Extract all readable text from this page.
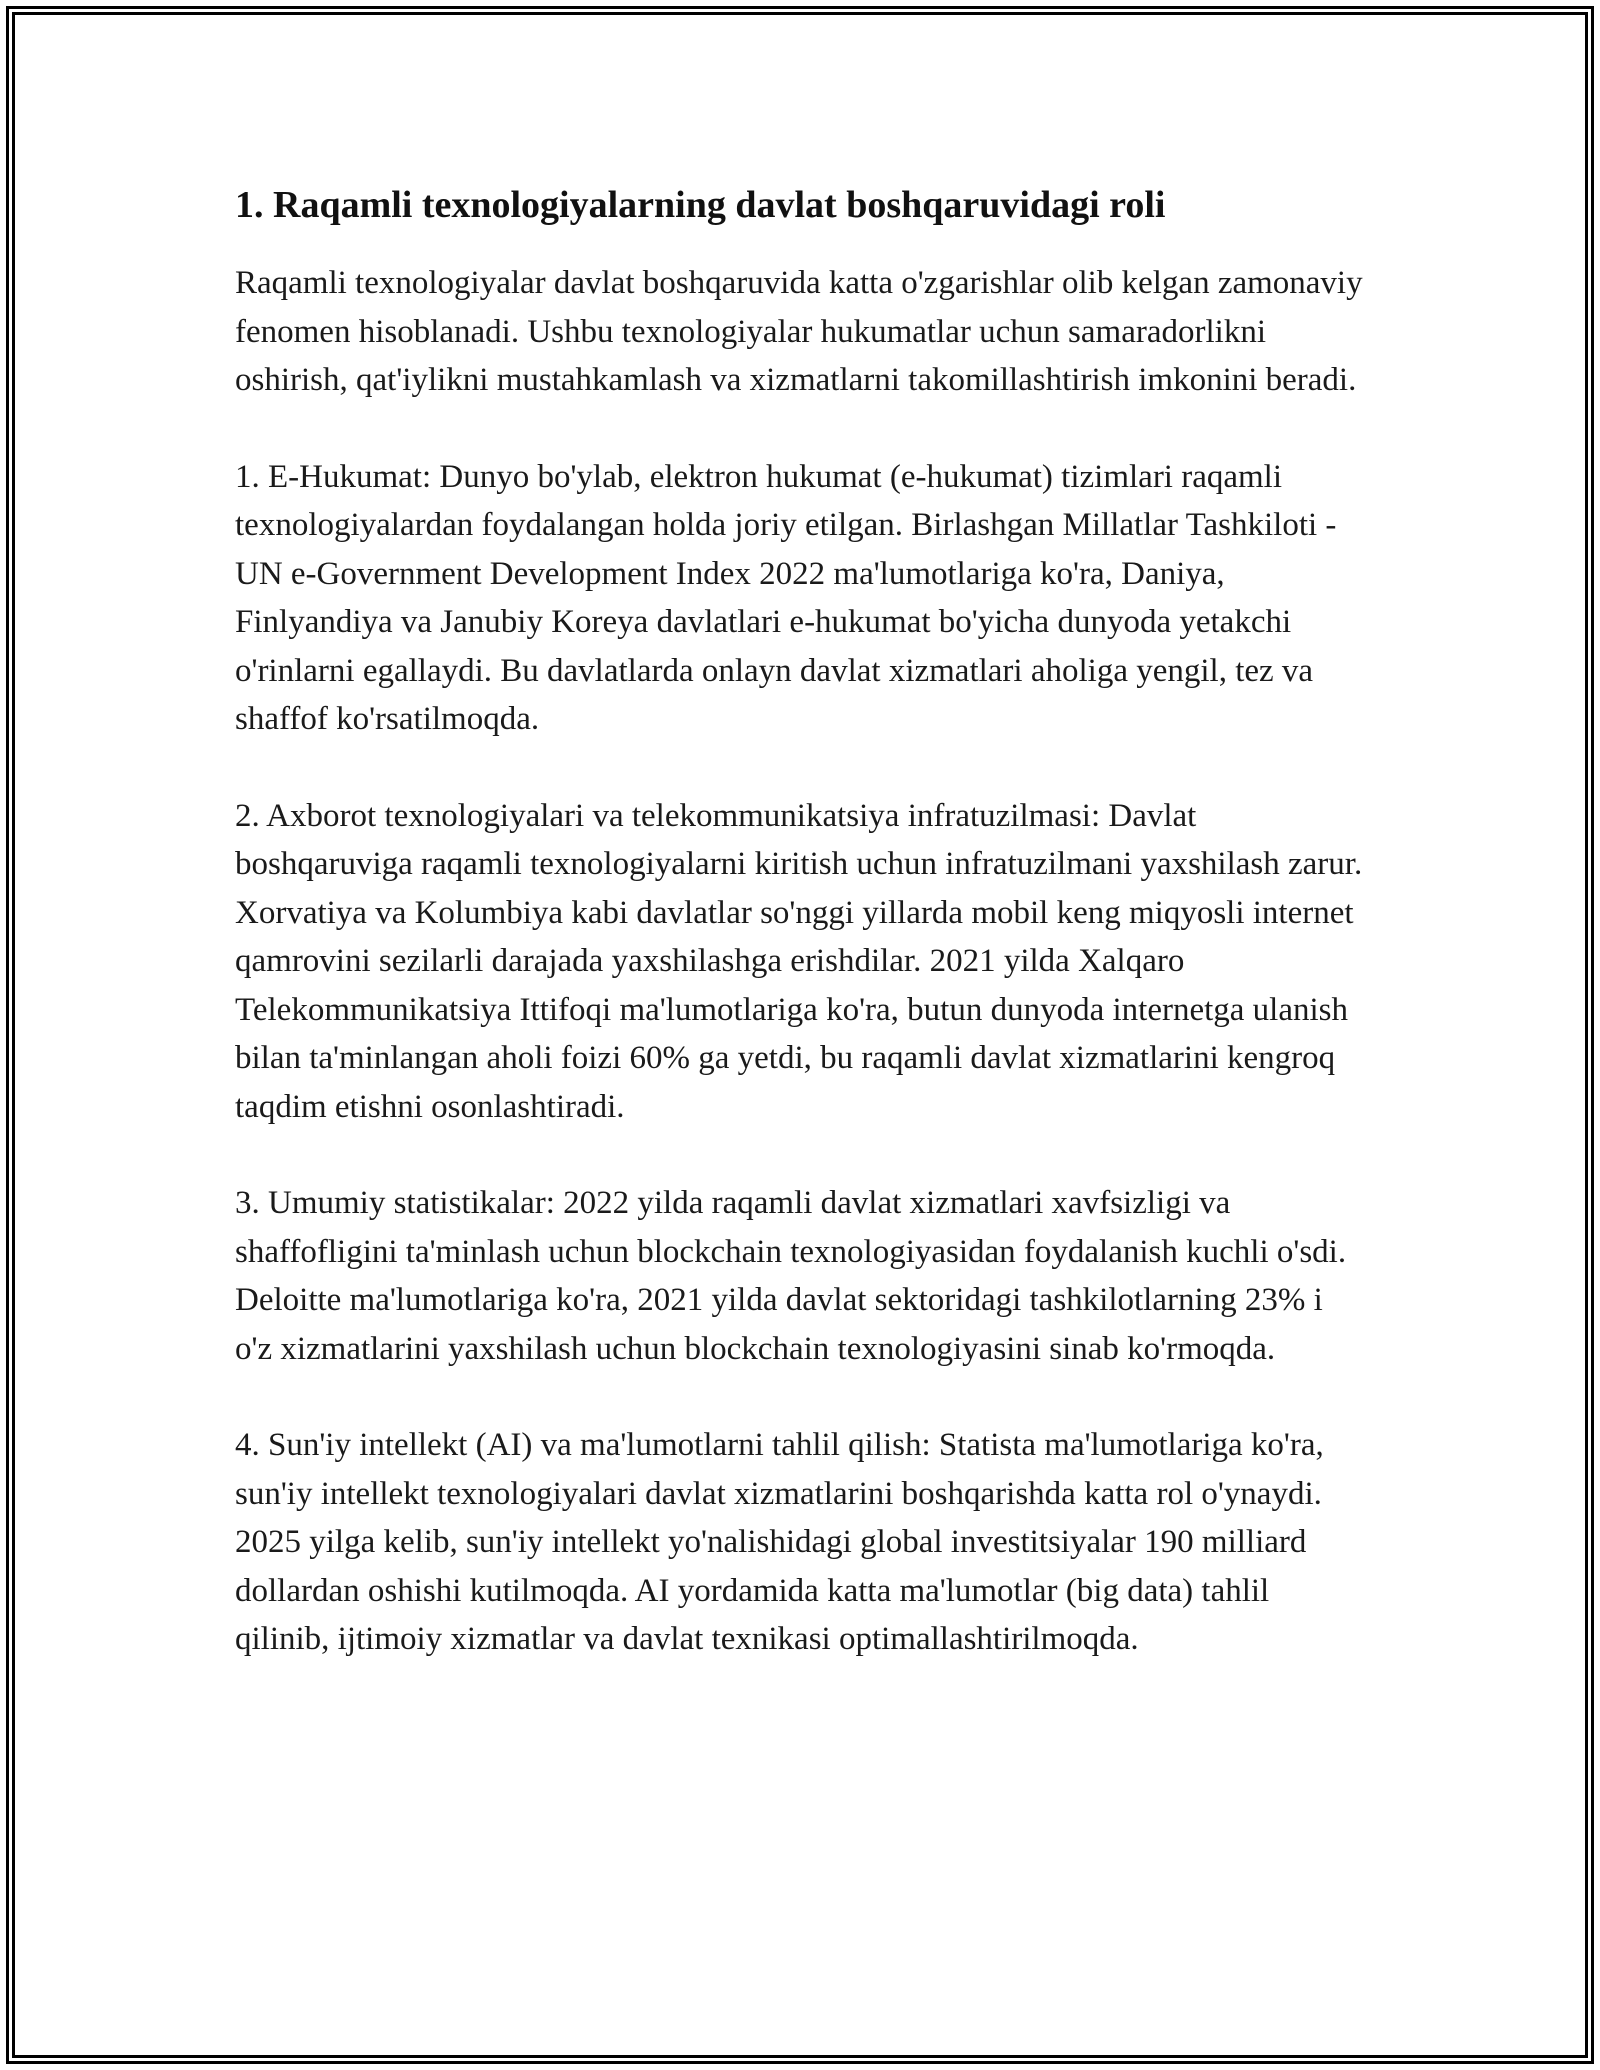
1. Raqamli texnologiyalarning davlat boshqaruvidagi roli

Raqamli texnologiyalar davlat boshqaruvida katta o'zgarishlar olib kelgan zamonaviy fenomen hisoblanadi. Ushbu texnologiyalar hukumatlar uchun samaradorlikni oshirish, qat'iylikni mustahkamlash va xizmatlarni takomillashtirish imkonini beradi.

1. E-Hukumat: Dunyo bo'ylab, elektron hukumat (e-hukumat) tizimlari raqamli texnologiyalardan foydalangan holda joriy etilgan. Birlashgan Millatlar Tashkiloti - UN e-Government Development Index 2022 ma'lumotlariga ko'ra, Daniya, Finlyandiya va Janubiy Koreya davlatlari e-hukumat bo'yicha dunyoda yetakchi o'rinlarni egallaydi. Bu davlatlarda onlayn davlat xizmatlari aholiga yengil, tez va shaffof ko'rsatilmoqda.

2. Axborot texnologiyalari va telekommunikatsiya infratuzilmasi: Davlat boshqaruviga raqamli texnologiyalarni kiritish uchun infratuzilmani yaxshilash zarur. Xorvatiya va Kolumbiya kabi davlatlar so'nggi yillarda mobil keng miqyosli internet qamrovini sezilarli darajada yaxshilashga erishdilar. 2021 yilda Xalqaro Telekommunikatsiya Ittifoqi ma'lumotlariga ko'ra, butun dunyoda internetga ulanish bilan ta'minlangan aholi foizi 60% ga yetdi, bu raqamli davlat xizmatlarini kengroq taqdim etishni osonlashtiradi.

3. Umumiy statistikalar: 2022 yilda raqamli davlat xizmatlari xavfsizligi va shaffofligini ta'minlash uchun blockchain texnologiyasidan foydalanish kuchli o'sdi. Deloitte ma'lumotlariga ko'ra, 2021 yilda davlat sektoridagi tashkilotlarning 23% i o'z xizmatlarini yaxshilash uchun blockchain texnologiyasini sinab ko'rmoqda.

4. Sun'iy intellekt (AI) va ma'lumotlarni tahlil qilish: Statista ma'lumotlariga ko'ra, sun'iy intellekt texnologiyalari davlat xizmatlarini boshqarishda katta rol o'ynaydi. 2025 yilga kelib, sun'iy intellekt yo'nalishidagi global investitsiyalar 190 milliard dollardan oshishi kutilmoqda. AI yordamida katta ma'lumotlar (big data) tahlil qilinib, ijtimoiy xizmatlar va davlat texnikasi optimallashtirilmoqda.
